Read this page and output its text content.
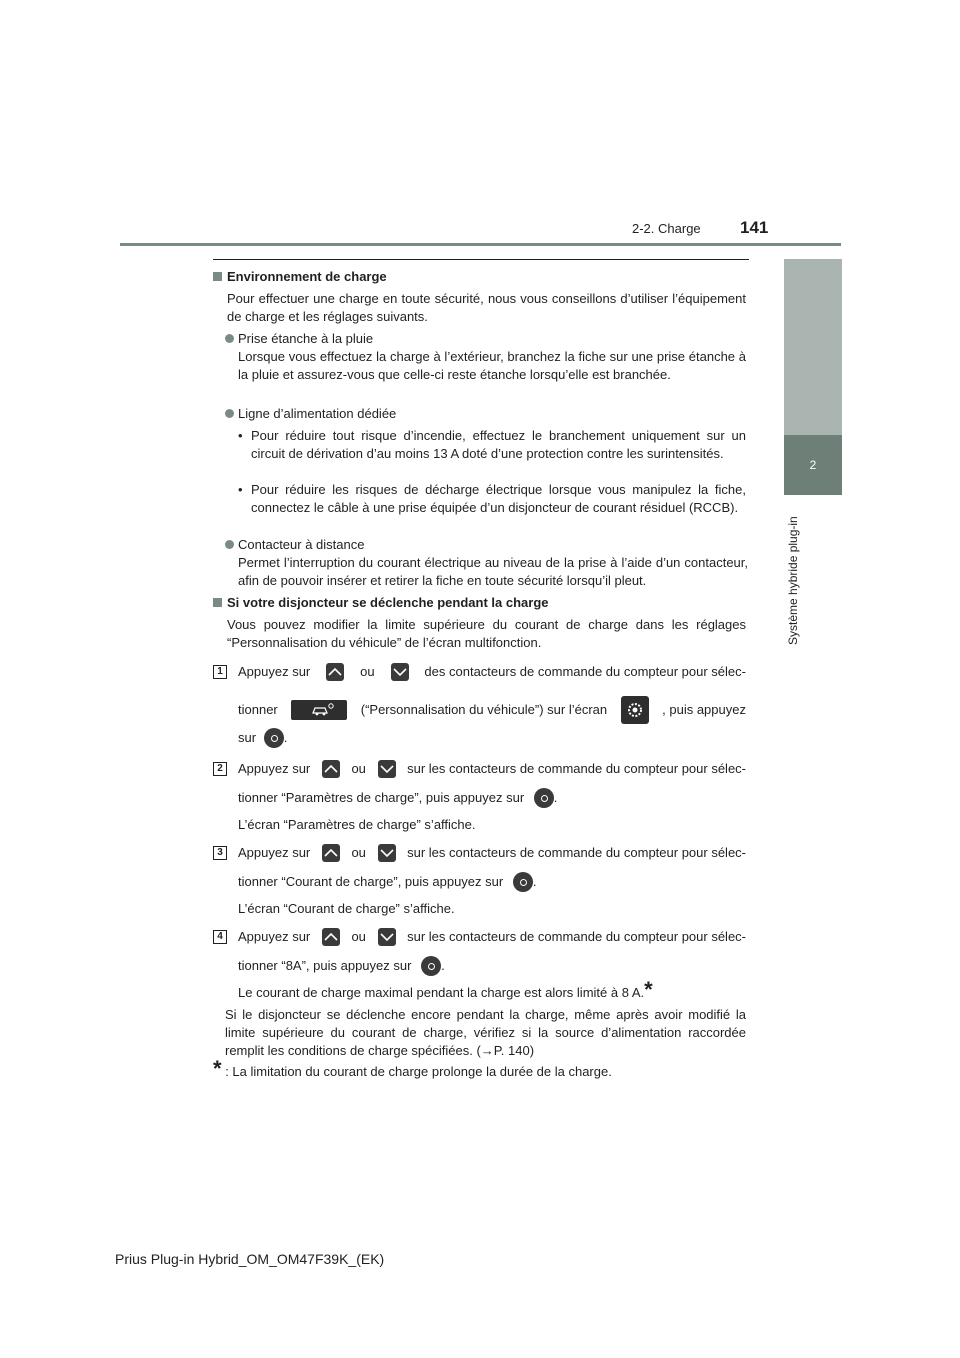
2-2. Charge 141
2
Système hybride plug-in
Environnement de charge
Pour effectuer une charge en toute sécurité, nous vous conseillons d’utiliser l’équipement de charge et les réglages suivants.
Prise étanche à la pluie
Lorsque vous effectuez la charge à l’extérieur, branchez la fiche sur une prise étanche à la pluie et assurez-vous que celle-ci reste étanche lorsqu’elle est branchée.
Ligne d’alimentation dédiée
• Pour réduire tout risque d’incendie, effectuez le branchement uniquement sur un circuit de dérivation d’au moins 13 A doté d’une protection contre les surintensités.
• Pour réduire les risques de décharge électrique lorsque vous manipulez la fiche, connectez le câble à une prise équipée d’un disjoncteur de courant résiduel (RCCB).
Contacteur à distance
Permet l’interruption du courant électrique au niveau de la prise à l’aide d’un contacteur, afin de pouvoir insérer et retirer la fiche en toute sécurité lorsqu’il pleut.
Si votre disjoncteur se déclenche pendant la charge
Vous pouvez modifier la limite supérieure du courant de charge dans les réglages “Personnalisation du véhicule” de l’écran multifonction.
1	Appuyez sur	ou	des contacteurs de commande du compteur pour sélec-
tionner	(“Personnalisation du véhicule”) sur l’écran	, puis appuyez
sur .
2	Appuyez sur	ou	sur les contacteurs de commande du compteur pour sélec-
tionner “Paramètres de charge”, puis appuyez sur .
L’écran “Paramètres de charge” s’affiche.
3	Appuyez sur	ou	sur les contacteurs de commande du compteur pour sélec-
tionner “Courant de charge”, puis appuyez sur .
L’écran “Courant de charge” s’affiche.
4	Appuyez sur	ou	sur les contacteurs de commande du compteur pour sélec-
tionner “8A”, puis appuyez sur .
Le courant de charge maximal pendant la charge est alors limité à 8 A.*
Si le disjoncteur se déclenche encore pendant la charge, même après avoir modifié la limite supérieure du courant de charge, vérifiez si la source d’alimentation raccordée remplit les conditions de charge spécifiées. (→P. 140)
* : La limitation du courant de charge prolonge la durée de la charge.
Prius Plug-in Hybrid_OM_OM47F39K_(EK)
